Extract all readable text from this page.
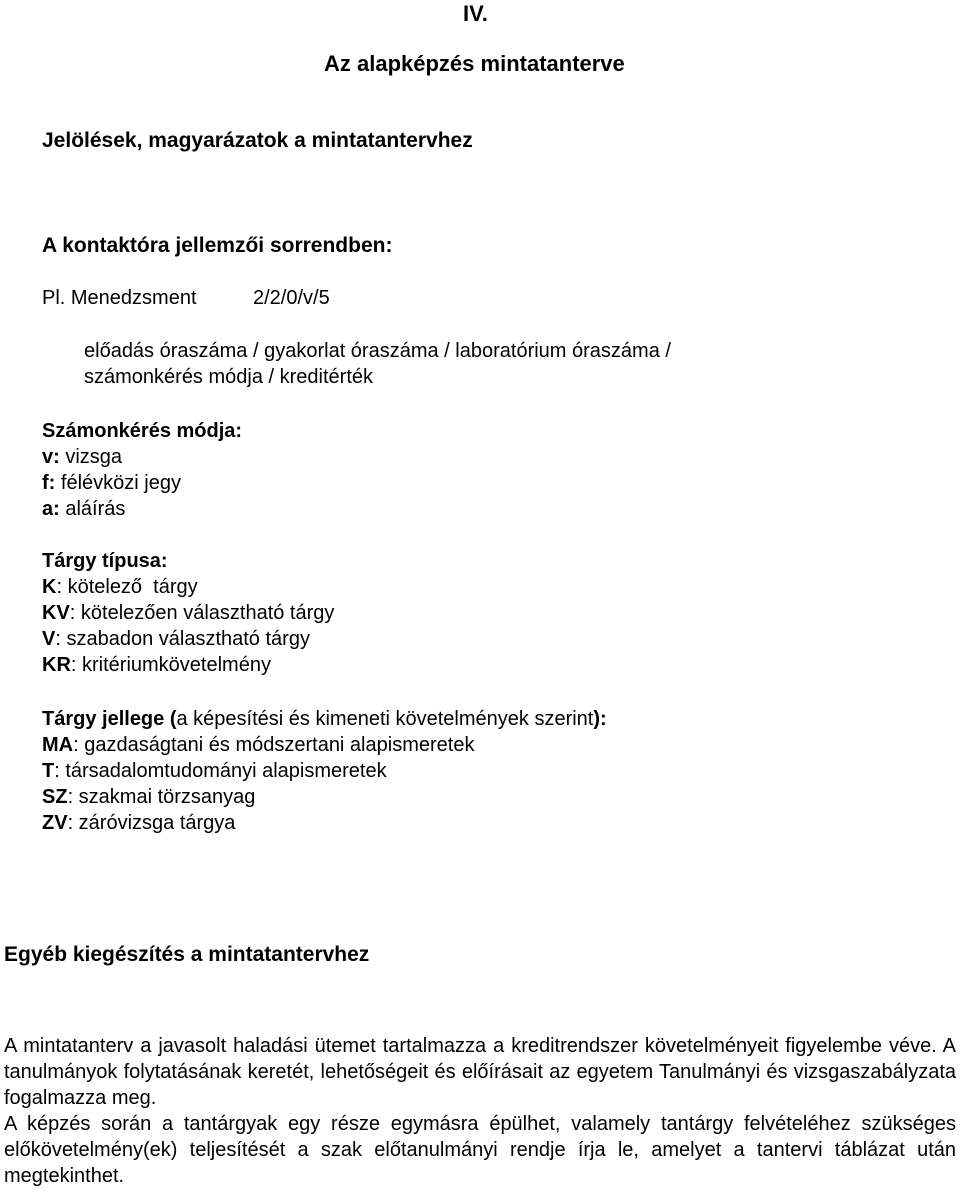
IV.
Az alapképzés mintatanterve
Jelölések, magyarázatok a mintatantervhez
A kontaktóra jellemzői sorrendben:
Pl. Menedzsment	2/2/0/v/5
előadás óraszáma / gyakorlat óraszáma / laboratórium óraszáma /
számonkérés módja / kreditérték
Számonkérés módja:
v: vizsga
f: félévközi jegy
a: aláírás
Tárgy típusa:
K: kötelező  tárgy
KV: kötelezően választható tárgy
V: szabadon választható tárgy
KR: kritériumkövetelmény
Tárgy jellege (a képesítési és kimeneti követelmények szerint):
MA: gazdaságtani és módszertani alapismeretek
T: társadalomtudományi alapismeretek
SZ: szakmai törzsanyag
ZV: záróvizsga tárgya
Egyéb kiegészítés a mintatantervhez
A mintatanterv a javasolt haladási ütemet tartalmazza a kreditrendszer követelményeit figyelembe véve. A tanulmányok folytatásának keretét, lehetőségeit és előírásait az egyetem Tanulmányi és vizsgaszabályzata fogalmazza meg.
A képzés során a tantárgyak egy része egymásra épülhet, valamely tantárgy felvételéhez szükséges előkövetelmény(ek) teljesítését a szak előtanulmányi rendje írja le, amelyet a tantervi táblázat után megtekinthet.
